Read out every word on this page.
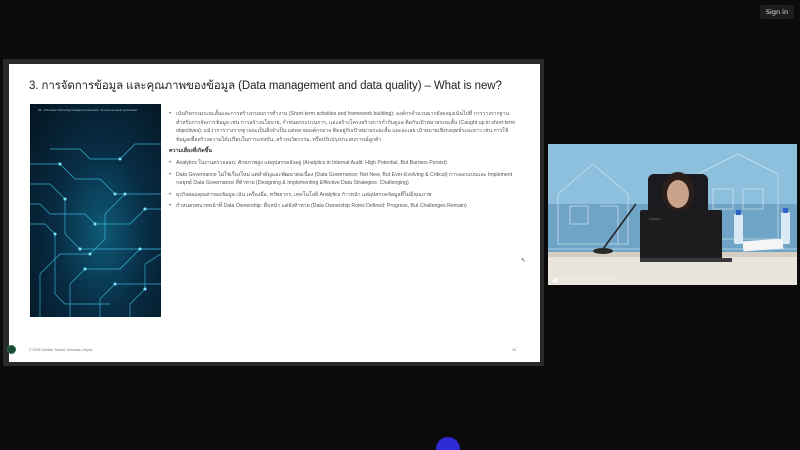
Sign in
3. การจัดการข้อมูล และคุณภาพของข้อมูล (Data management and data quality) – What is new?
RK - Information Technology Intelligence Framework - Services and audit opportunities
• เน้นกิจกรรมระยะสั้นและการสร้างกรอบการทำงาน (Short-term activities and framework building): องค์กรจำนวนมากยังคงมุ่งเน้นไปที่ การวางรากฐาน สำหรับการจัดการข้อมูล เช่น การสร้างนโยบาย, กำหนดกระบวนการ, และสร้างโครงสร้างการกำกับดูแล ติดกับเป้าหมายระยะสั้น (Caught up in short-term objectives): แม้ว่าการวางรากฐานจะเป็นสิ่งจำเป็น แต่หลายองค์กรอาจ ติดอยู่กับเป้าหมายระยะสั้น และละเลย เป้าหมายเชิงกลยุทธ์ระยะยาว เช่น การใช้ข้อมูลเพื่อสร้างความได้เปรียบในการแข่งขัน, สร้างนวัตกรรม, หรือปรับปรุงประสบการณ์ลูกค้า
ความเสี่ยงที่เกิดขึ้น
• Analytics ในงานตรวจสอบ: ศักยภาพสูง แต่อุปสรรคยังอยู่ (Analytics in Internal Audit: High Potential, But Barriers Persist)
• Data Governance ไม่ใช่เรื่องใหม่ แต่สำคัญและพัฒนาต่อเนื่อง (Data Governance: Not New, But Ever-Evolving & Critical) การออกแบบและ Implement กลยุทธ์ Data Governance ที่ท้าทาย (Designing & Implementing Effective Data Strategies: Challenging)
• ธุรกิจยอมคุณค่าของข้อมูล เน้น เครื่องมือ, ทรัพยากร, เทคโนโลยี Analytics ก้าวหน้า แต่อุปสรรคข้อมูลที่ไม่มีคุณภาพ
• กำหนดบทบาทหน้าที่ Data Ownership: คืบหน้า แต่ยังท้าทาย (Data Ownership Roles Defined: Progress, But Challenges Remain)
↖
© 2025 Deloitte Touche Tohmatsu Jaiyos	16
Lenovo
กรมตรวจบัญชีสหกรณ์_Admin
